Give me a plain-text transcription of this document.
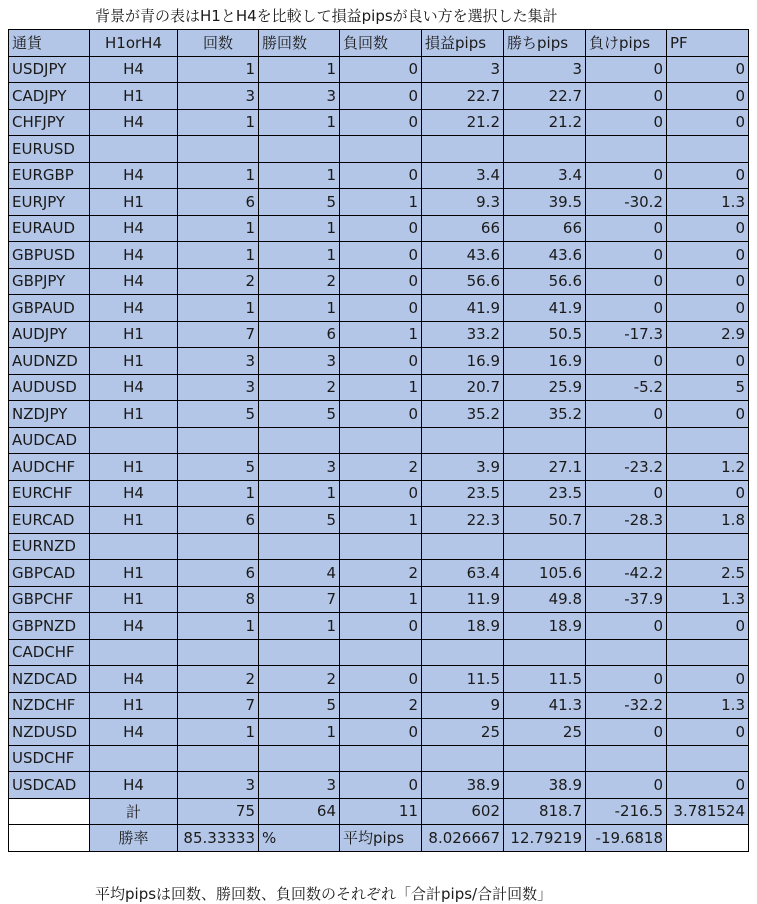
背景が青の表はH1とH4を比較して損益pipsが良い方を選択した集計
通貨	H1orH4	回数	勝回数	負回数	損益pips	勝ちpips	負けpips	PF
USDJPY	H4	1	1	0	3	3	0	0
CADJPY	H1	3	3	0	22.7	22.7	0	0
CHFJPY	H4	1	1	0	21.2	21.2	0	0
EURUSD								
EURGBP	H4	1	1	0	3.4	3.4	0	0
EURJPY	H1	6	5	1	9.3	39.5	-30.2	1.3
EURAUD	H4	1	1	0	66	66	0	0
GBPUSD	H4	1	1	0	43.6	43.6	0	0
GBPJPY	H4	2	2	0	56.6	56.6	0	0
GBPAUD	H4	1	1	0	41.9	41.9	0	0
AUDJPY	H1	7	6	1	33.2	50.5	-17.3	2.9
AUDNZD	H1	3	3	0	16.9	16.9	0	0
AUDUSD	H4	3	2	1	20.7	25.9	-5.2	5
NZDJPY	H1	5	5	0	35.2	35.2	0	0
AUDCAD								
AUDCHF	H1	5	3	2	3.9	27.1	-23.2	1.2
EURCHF	H4	1	1	0	23.5	23.5	0	0
EURCAD	H1	6	5	1	22.3	50.7	-28.3	1.8
EURNZD								
GBPCAD	H1	6	4	2	63.4	105.6	-42.2	2.5
GBPCHF	H1	8	7	1	11.9	49.8	-37.9	1.3
GBPNZD	H4	1	1	0	18.9	18.9	0	0
CADCHF								
NZDCAD	H4	2	2	0	11.5	11.5	0	0
NZDCHF	H1	7	5	2	9	41.3	-32.2	1.3
NZDUSD	H4	1	1	0	25	25	0	0
USDCHF								
USDCAD	H4	3	3	0	38.9	38.9	0	0
	計	75	64	11	602	818.7	-216.5	3.781524
	勝率	85.33333	%	平均pips	8.026667	12.79219	-19.6818	
平均pipsは回数、勝回数、負回数のそれぞれ「合計pips/合計回数」
